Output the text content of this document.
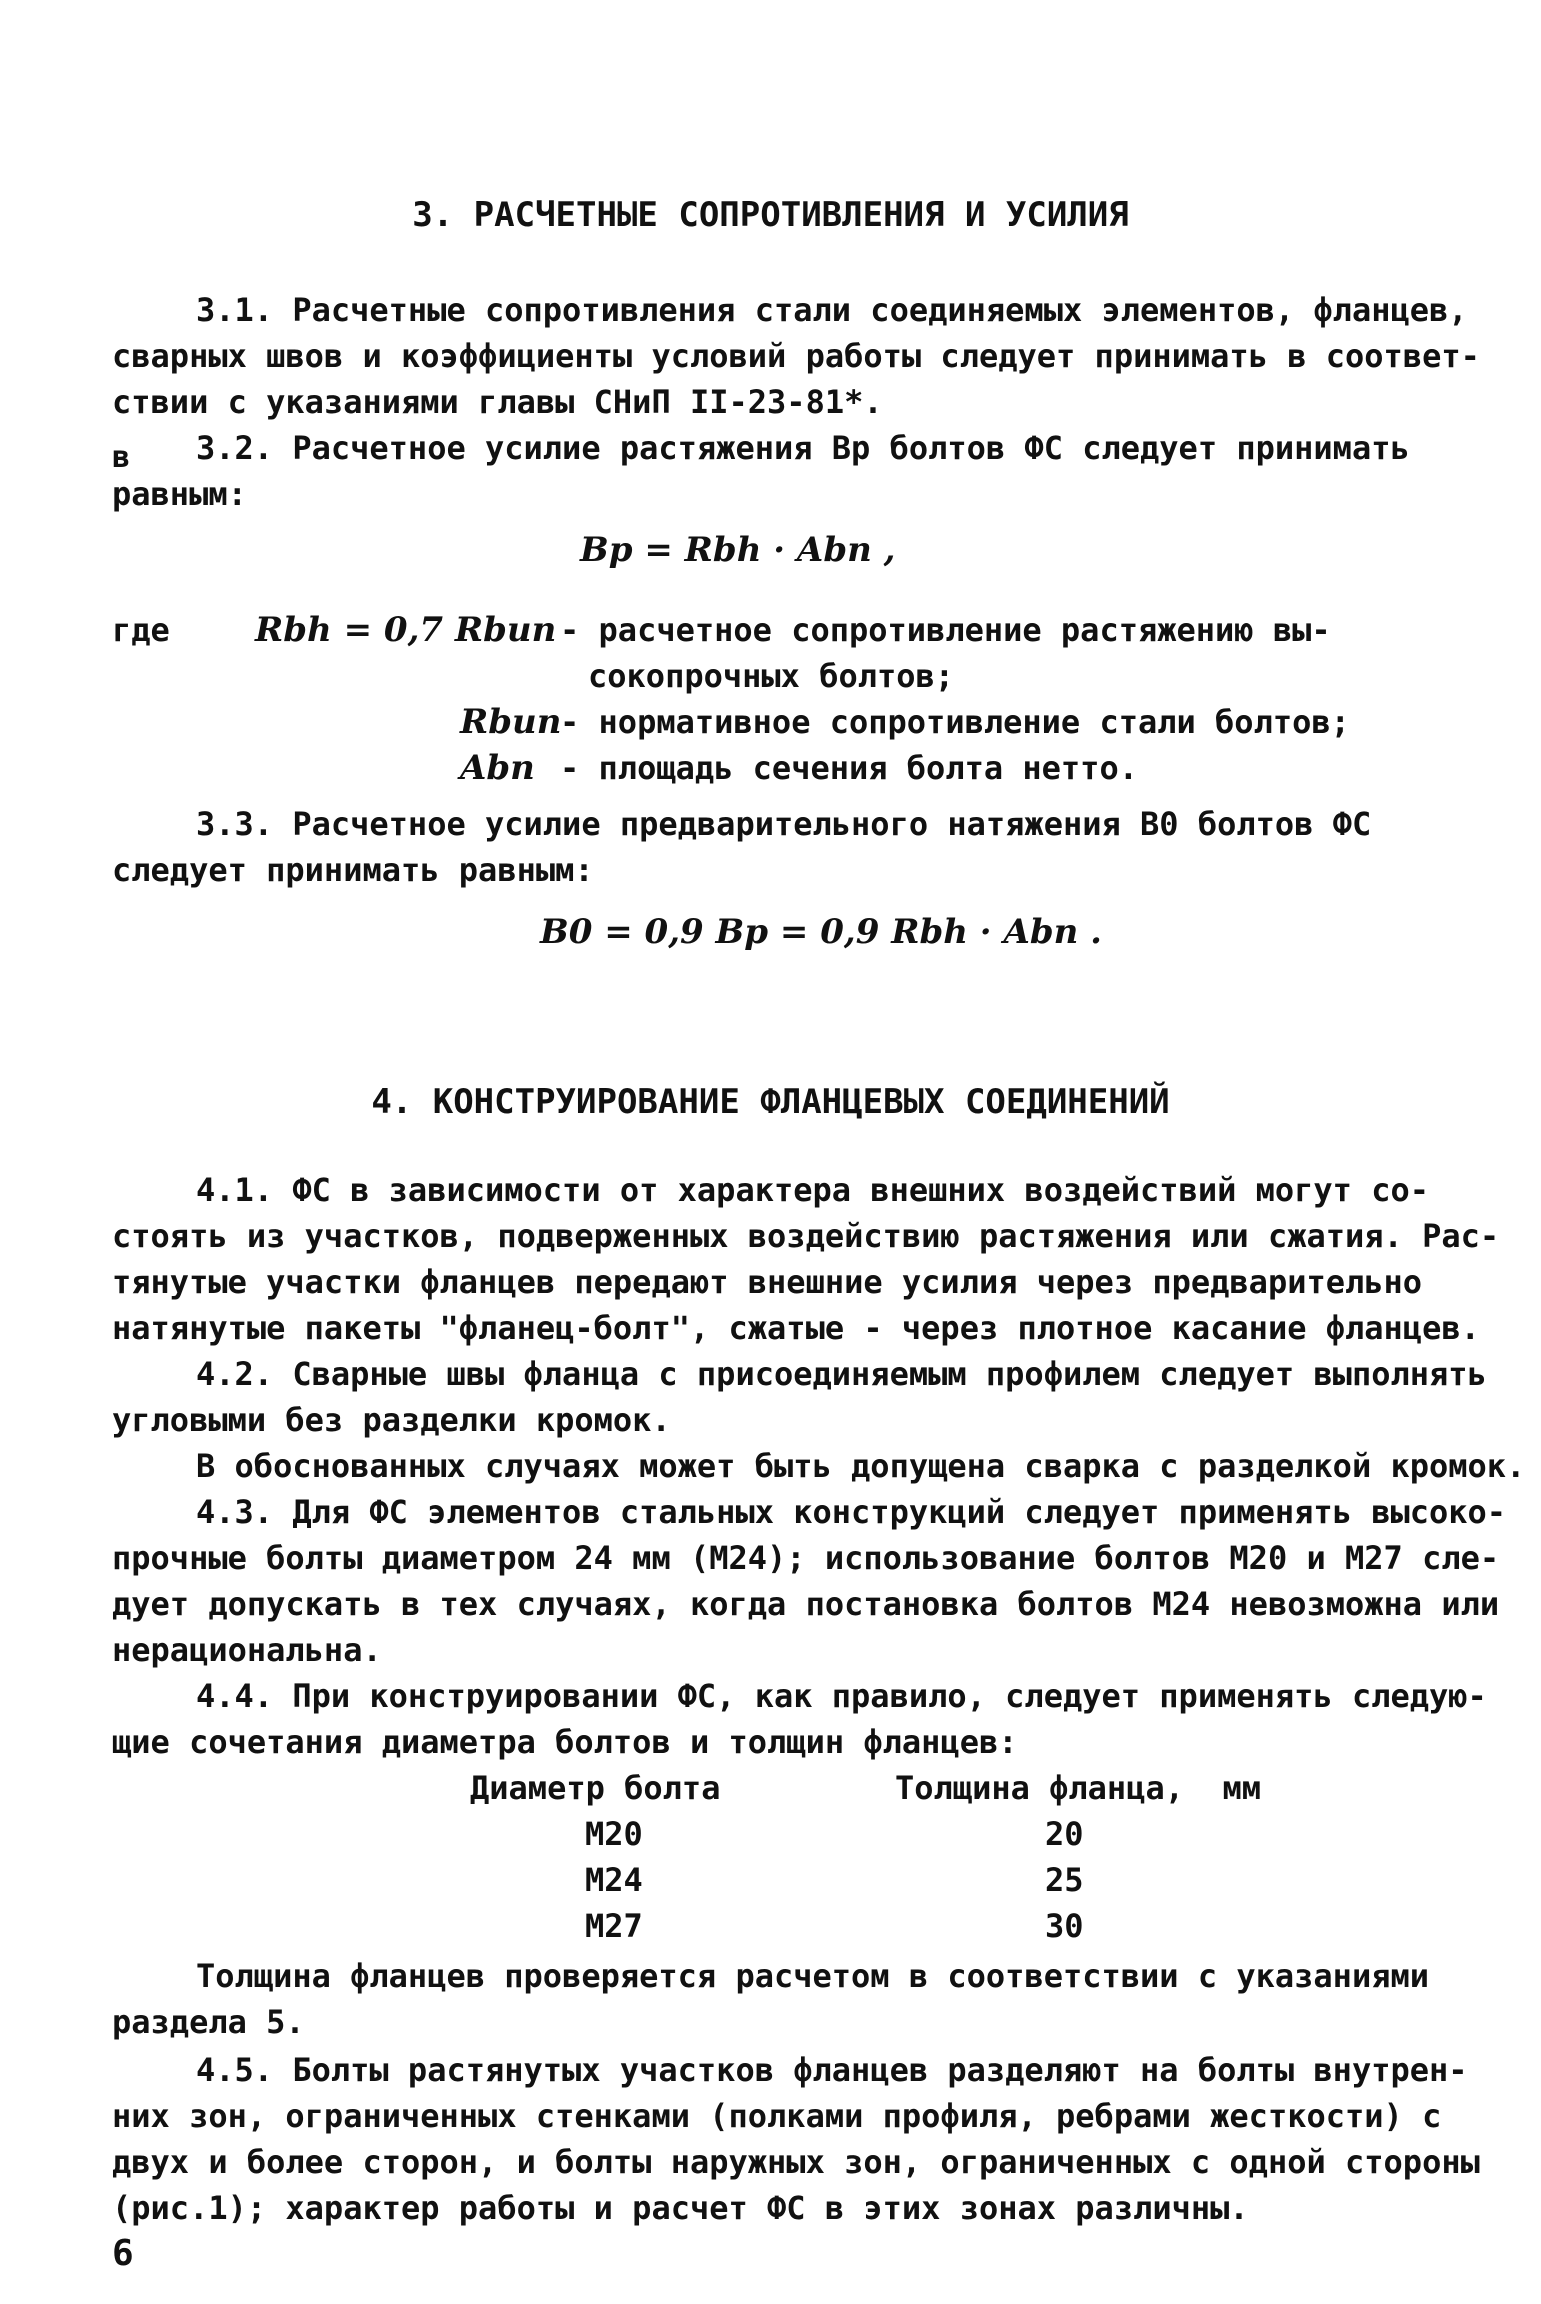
3. РАСЧЕТНЫЕ СОПРОТИВЛЕНИЯ И УСИЛИЯ
3.1. Расчетные сопротивления стали соединяемых элементов, фланцев,
сварных швов и коэффициенты условий работы следует принимать в соответ-
ствии с указаниями главы СНиП II-23-81*.
в 3.2. Расчетное усилие растяжения Bp болтов ФС следует принимать
равным:
Bp = Rbh · Abn ,
где	Rbh = 0,7 Rbun - расчетное сопротивление растяжению вы-
сокопрочных болтов;
Rbun
- нормативное сопротивление стали болтов;
Abn - площадь сечения болта нетто.
3.3. Расчетное усилие предварительного натяжения B0 болтов ФС
следует принимать равным:
B0 = 0,9 Bp = 0,9 Rbh · Abn .
4. КОНСТРУИРОВАНИЕ ФЛАНЦЕВЫХ СОЕДИНЕНИЙ
4.1. ФС в зависимости от характера внешних воздействий могут со-
стоять из участков, подверженных воздействию растяжения или сжатия. Рас-
тянутые участки фланцев передают внешние усилия через предварительно
натянутые пакеты "фланец-болт", сжатые - через плотное касание фланцев.
4.2. Сварные швы фланца с присоединяемым профилем следует выполнять
угловыми без разделки кромок.
В обоснованных случаях может быть допущена сварка с разделкой кромок.
4.3. Для ФС элементов стальных конструкций следует применять высоко-
прочные болты диаметром 24 мм (М24); использование болтов М20 и М27 сле-
дует допускать в тех случаях, когда постановка болтов М24 невозможна или
нерациональна.
4.4. При конструировании ФС, как правило, следует применять следую-
щие сочетания диаметра болтов и толщин фланцев:
Диаметр болта	Толщина фланца,  мм
М20	20
М24	25
М27	30
Толщина фланцев проверяется расчетом в соответствии с указаниями
раздела 5.
4.5. Болты растянутых участков фланцев разделяют на болты внутрен-
них зон, ограниченных стенками (полками профиля, ребрами жесткости) с
двух и более сторон, и болты наружных зон, ограниченных с одной стороны
(рис.1); характер работы и расчет ФС в этих зонах различны.
6
